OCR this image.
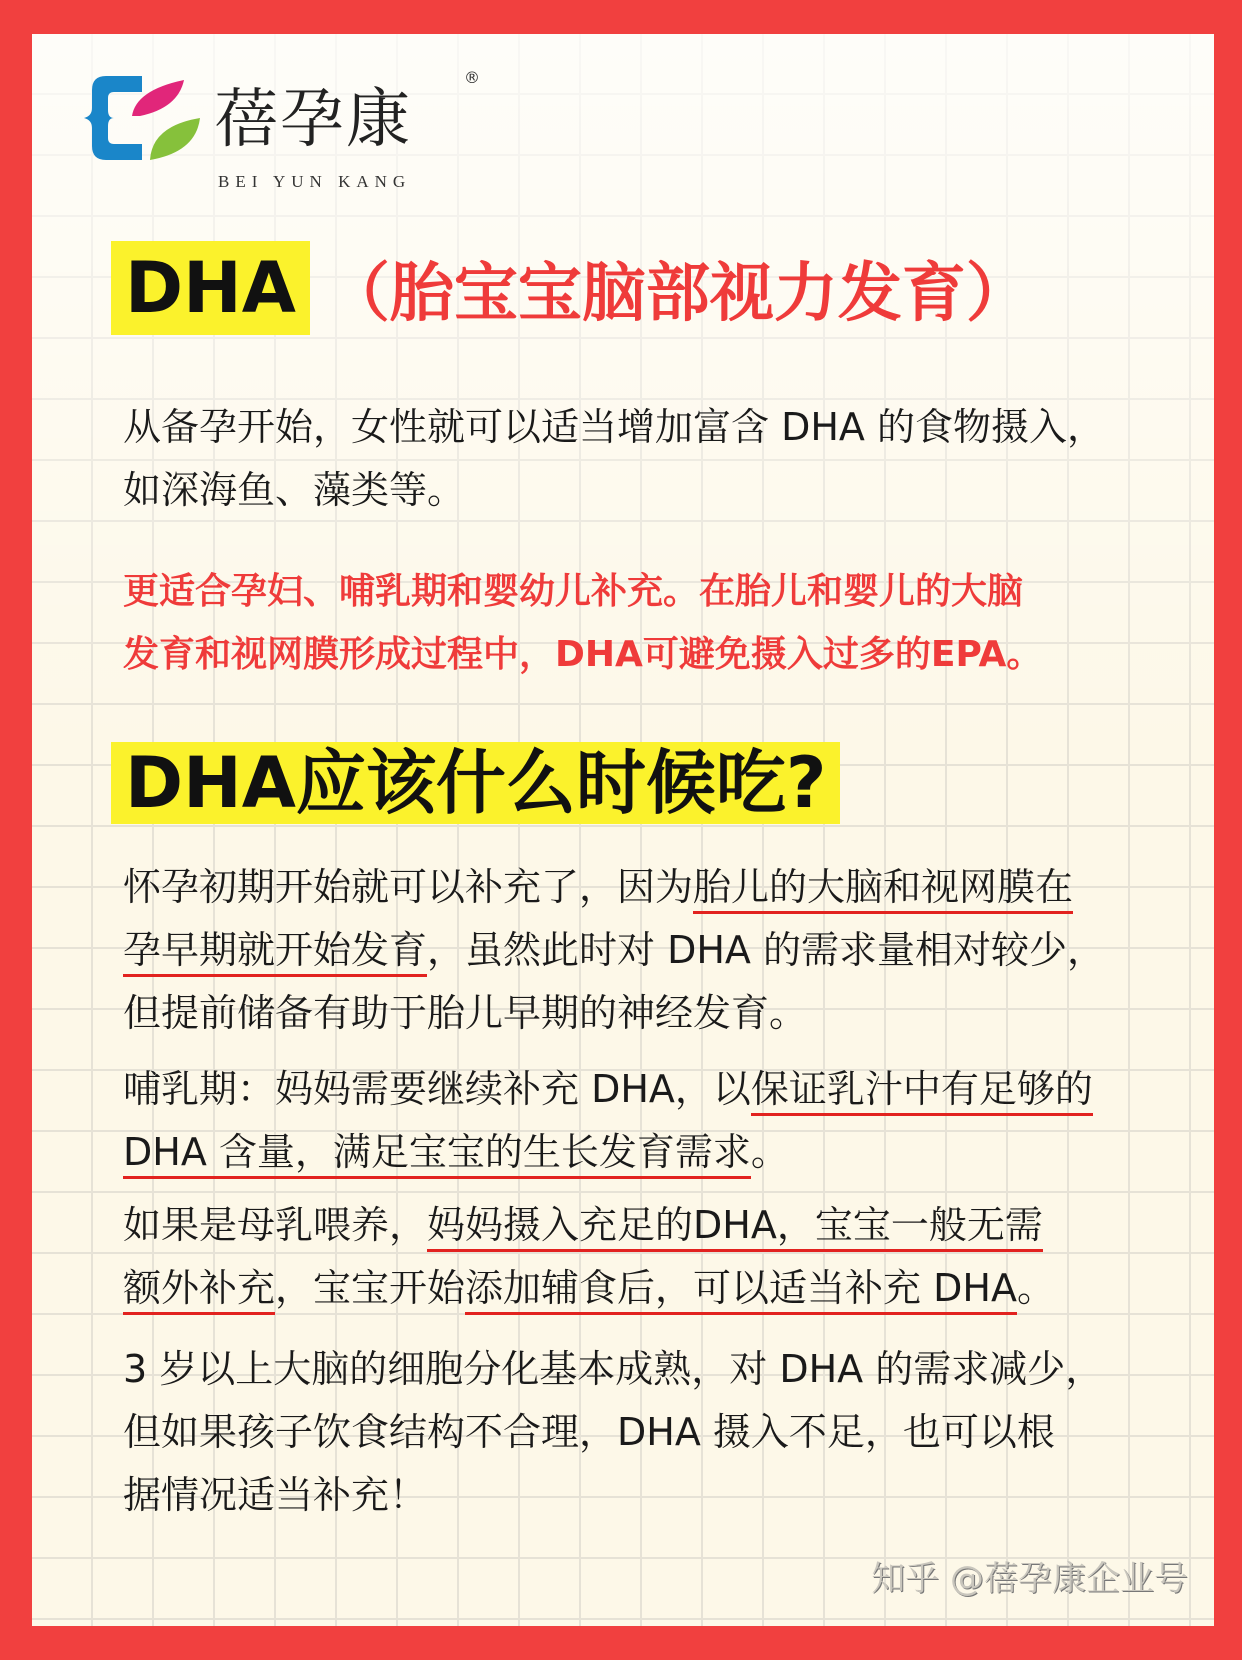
蓓孕康
®
BEI YUN KANG
DHA （胎宝宝脑部视力发育）
从备孕开始，女性就可以适当增加富含 DHA 的食物摄入，
如深海鱼、藻类等。
更适合孕妇、哺乳期和婴幼儿补充。在胎儿和婴儿的大脑
发育和视网膜形成过程中，DHA可避免摄入过多的EPA。
DHA应该什么时候吃?
怀孕初期开始就可以补充了，因为胎儿的大脑和视网膜在
孕早期就开始发育，虽然此时对 DHA 的需求量相对较少，
但提前储备有助于胎儿早期的神经发育。
哺乳期：妈妈需要继续补充 DHA，以保证乳汁中有足够的
DHA 含量，满足宝宝的生长发育需求。
如果是母乳喂养，妈妈摄入充足的DHA，宝宝一般无需
额外补充，宝宝开始添加辅食后，可以适当补充 DHA。
3 岁以上大脑的细胞分化基本成熟，对 DHA 的需求减少，
但如果孩子饮食结构不合理，DHA 摄入不足，也可以根
据情况适当补充！
知乎 @蓓孕康企业号
